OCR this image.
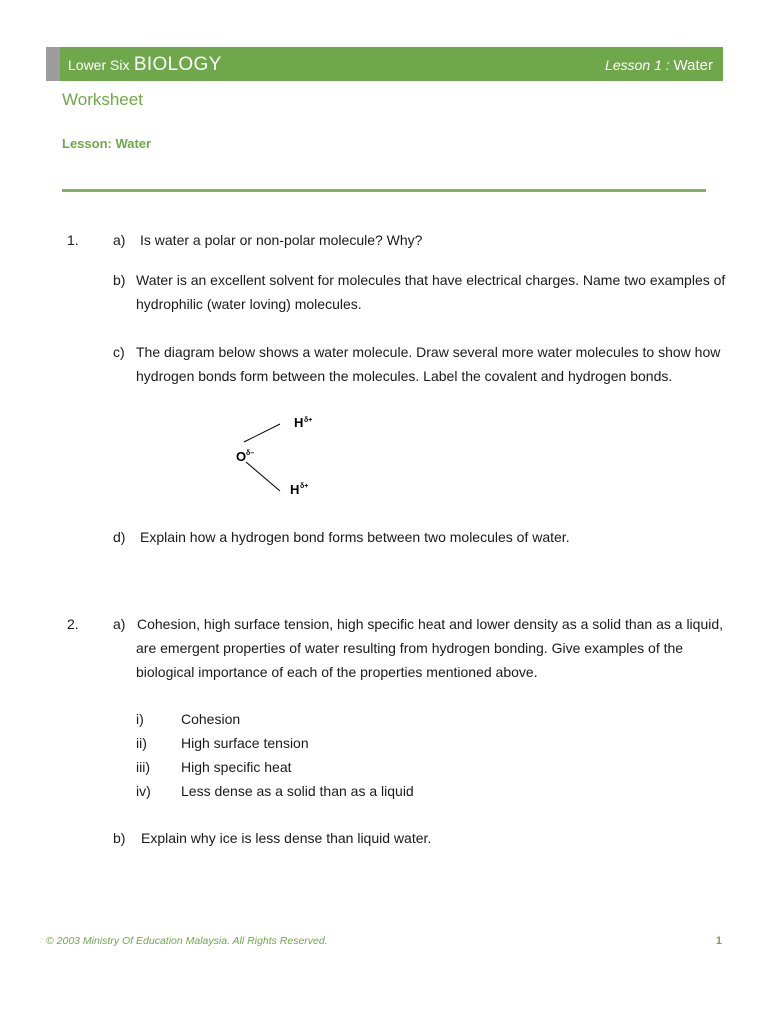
Lower Six BIOLOGY	Lesson 1 : Water
Worksheet
Lesson: Water
1. a) Is water a polar or non-polar molecule? Why?
b) Water is an excellent solvent for molecules that have electrical charges. Name two examples of
hydrophilic (water loving) molecules.
c) The diagram below shows a water molecule. Draw several more water molecules to show how
hydrogen bonds form between the molecules. Label the covalent and hydrogen bonds.
H δ+
O δ–
H δ+
d) Explain how a hydrogen bond forms between two molecules of water.
2. a) Cohesion, high surface tension, high specific heat and lower density as a solid than as a liquid,
are emergent properties of water resulting from hydrogen bonding. Give examples of the
biological importance of each of the properties mentioned above.
i)	Cohesion
ii) High surface tension
iii) High specific heat
iv) Less dense as a solid than as a liquid
b) Explain why ice is less dense than liquid water.
© 2003 Ministry Of Education Malaysia. All Rights Reserved.	1
